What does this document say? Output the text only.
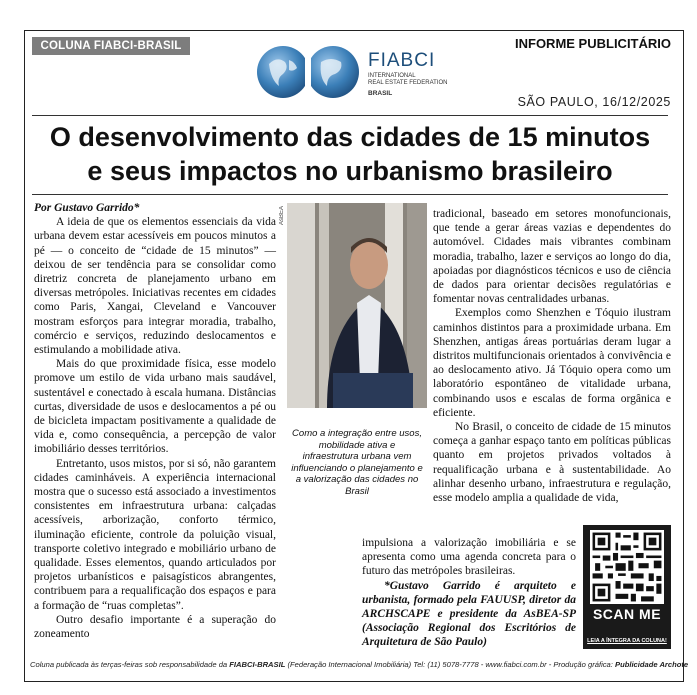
COLUNA FIABCI-BRASIL	INFORME PUBLICITÁRIO
FIABCI
INTERNATIONAL
REAL ESTATE FEDERATION
BRASIL
SÃO PAULO, 16/12/2025
O desenvolvimento das cidades de 15 minutos
e seus impactos no urbanismo brasileiro

Por Gustavo Garrido*

A ideia de que os elementos essenciais da vida urbana devem estar acessíveis em poucos minutos a pé — o conceito de “cidade de 15 minutos” — deixou de ser tendência para se consolidar como diretriz concreta de planejamento urbano em diversas metrópoles. Iniciativas recentes em cidades como Paris, Xangai, Cleveland e Vancouver mostram esforços para integrar moradia, trabalho, comércio e serviços, reduzindo deslocamentos e estimulando a mobilidade ativa.

Mais do que proximidade física, esse modelo promove um estilo de vida urbano mais saudável, sustentável e conectado à escala humana. Distâncias curtas, diversidade de usos e deslocamentos a pé ou de bicicleta impactam positivamente a qualidade de vida e, como consequência, a percepção de valor imobiliário desses territórios.

Entretanto, usos mistos, por si só, não garantem cidades caminháveis. A experiência internacional mostra que o sucesso está associado a investimentos consistentes em infraestrutura urbana: calçadas acessíveis, arborização, conforto térmico, iluminação eficiente, controle da poluição visual, transporte coletivo integrado e mobiliário urbano de qualidade. Esses elementos, quando articulados por projetos urbanísticos e paisagísticos abrangentes, contribuem para a requalificação dos espaços e para a formação de “ruas completas”.

Outro desafio importante é a superação do zoneamento

AsBEA
Como a integração entre usos, mobilidade ativa e infraestrutura urbana vem influenciando o planejamento e a valorização das cidades no Brasil

tradicional, baseado em setores monofuncionais, que tende a gerar áreas vazias e dependentes do automóvel. Cidades mais vibrantes combinam moradia, trabalho, lazer e serviços ao longo do dia, apoiadas por diagnósticos técnicos e uso de ciência de dados para orientar decisões regulatórias e fomentar novas centralidades urbanas.

Exemplos como Shenzhen e Tóquio ilustram caminhos distintos para a proximidade urbana. Em Shenzhen, antigas áreas portuárias deram lugar a distritos multifuncionais orientados à convivência e ao deslocamento ativo. Já Tóquio opera como um laboratório espontâneo de vitalidade urbana, combinando usos e escalas de forma orgânica e eficiente.

No Brasil, o conceito de cidade de 15 minutos começa a ganhar espaço tanto em políticas públicas quanto em projetos privados voltados à requalificação urbana e à sustentabilidade. Ao alinhar desenho urbano, infraestrutura e regulação, esse modelo amplia a qualidade de vida,

impulsiona a valorização imobiliária e se apresenta como uma agenda concreta para o futuro das metrópoles brasileiras.

*Gustavo Garrido é arquiteto e urbanista, formado pela FAUUSP, diretor da ARCHSCAPE e presidente da AsBEA-SP (Associação Regional dos Escritórios de Arquitetura de São Paulo)

SCAN ME
LEIA A ÍNTEGRA DA COLUNA!
Coluna publicada às terças-feiras sob responsabilidade da FIABCI-BRASIL (Federação Internacional Imobiliária) Tel: (11) 5078-7778 - www.fiabci.com.br - Produção gráfica: Publicidade Archote
